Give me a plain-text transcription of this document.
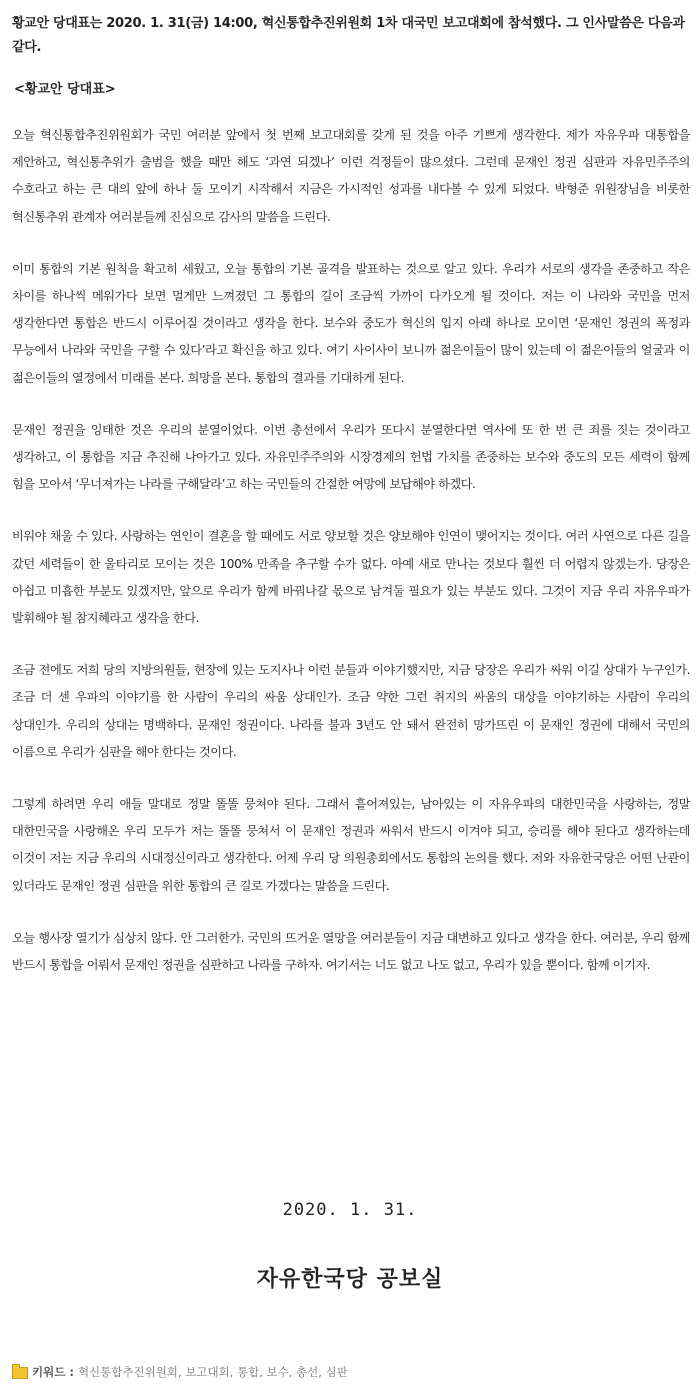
황교안 당대표는 2020. 1. 31(금) 14:00, 혁신통합추진위원회 1차 대국민 보고대회에 참석했다. 그 인사말씀은 다음과 같다.

<황교안 당대표>

오늘 혁신통합추진위원회가 국민 여러분 앞에서 첫 번째 보고대회를 갖게 된 것을 아주 기쁘게 생각한다. 제가 자유우파 대통합을 제안하고, 혁신통추위가 출범을 했을 때만 해도 ‘과연 되겠나’ 이런 걱정들이 많으셨다. 그런데 문재인 정권 심판과 자유민주주의 수호라고 하는 큰 대의 앞에 하나 둘 모이기 시작해서 지금은 가시적인 성과를 내다볼 수 있게 되었다. 박형준 위원장님을 비롯한 혁신통추위 관계자 여러분들께 진심으로 감사의 말씀을 드린다.

이미 통합의 기본 원칙을 확고히 세웠고, 오늘 통합의 기본 골격을 발표하는 것으로 알고 있다. 우리가 서로의 생각을 존중하고 작은 차이를 하나씩 메워가다 보면 멀게만 느껴졌던 그 통합의 길이 조금씩 가까이 다가오게 될 것이다. 저는 이 나라와 국민을 먼저 생각한다면 통합은 반드시 이루어질 것이라고 생각을 한다. 보수와 중도가 혁신의 입지 아래 하나로 모이면 ‘문재인 정권의 폭정과 무능에서 나라와 국민을 구할 수 있다’라고 확신을 하고 있다. 여기 사이사이 보니까 젊은이들이 많이 있는데 이 젊은이들의 얼굴과 이 젊은이들의 열정에서 미래를 본다. 희망을 본다. 통합의 결과를 기대하게 된다.

문재인 정권을 잉태한 것은 우리의 분열이었다. 이번 총선에서 우리가 또다시 분열한다면 역사에 또 한 번 큰 죄를 짓는 것이라고 생각하고, 이 통합을 지금 추진해 나아가고 있다. 자유민주주의와 시장경제의 헌법 가치를 존중하는 보수와 중도의 모든 세력이 함께 힘을 모아서 ‘무너져가는 나라를 구해달라’고 하는 국민들의 간절한 여망에 보답해야 하겠다.

비워야 채울 수 있다. 사랑하는 연인이 결혼을 할 때에도 서로 양보할 것은 양보해야 인연이 맺어지는 것이다. 여러 사연으로 다른 길을 갔던 세력들이 한 울타리로 모이는 것은 100% 만족을 추구할 수가 없다. 아예 새로 만나는 것보다 훨씬 더 어렵지 않겠는가. 당장은 아쉽고 미흡한 부분도 있겠지만, 앞으로 우리가 함께 바꿔나갈 몫으로 남겨둘 필요가 있는 부분도 있다. 그것이 지금 우리 자유우파가 발휘해야 될 참지혜라고 생각을 한다.

조금 전에도 저희 당의 지방의원들, 현장에 있는 도지사나 이런 분들과 이야기했지만, 지금 당장은 우리가 싸워 이길 상대가 누구인가. 조금 더 센 우파의 이야기를 한 사람이 우리의 싸움 상대인가. 조금 약한 그런 취지의 싸움의 대상을 이야기하는 사람이 우리의 상대인가. 우리의 상대는 명백하다. 문재인 정권이다. 나라를 불과 3년도 안 돼서 완전히 망가뜨린 이 문재인 정권에 대해서 국민의 이름으로 우리가 심판을 해야 한다는 것이다.

그렇게 하려면 우리 애들 말대로 정말 똘똘 뭉쳐야 된다. 그래서 흩어져있는, 남아있는 이 자유우파의 대한민국을 사랑하는, 정말 대한민국을 사랑해온 우리 모두가 저는 똘똘 뭉쳐서 이 문재인 정권과 싸워서 반드시 이겨야 되고, 승리를 해야 된다고 생각하는데 이것이 저는 지금 우리의 시대정신이라고 생각한다. 어제 우리 당 의원총회에서도 통합의 논의를 했다. 저와 자유한국당은 어떤 난관이 있더라도 문재인 정권 심판을 위한 통합의 큰 길로 가겠다는 말씀을 드린다.

오늘 행사장 열기가 심상치 않다. 안 그러한가. 국민의 뜨거운 열망을 여러분들이 지금 대변하고 있다고 생각을 한다. 여러분, 우리 함께 반드시 통합을 이뤄서 문재인 정권을 심판하고 나라를 구하자. 여기서는 너도 없고 나도 없고, 우리가 있을 뿐이다. 함께 이기자.

2020. 1. 31.
자유한국당 공보실
키워드 : 혁신통합추진위원회, 보고대회, 통합, 보수, 총선, 심판
